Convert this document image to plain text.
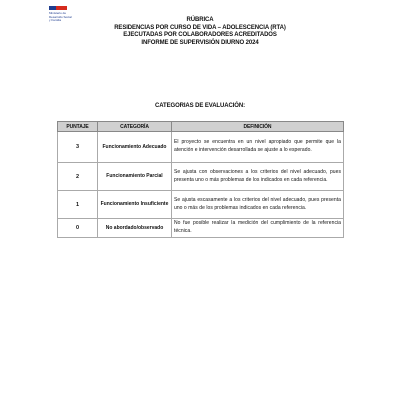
Ministerio de
Desarrollo Social
y Familia	RÚBRICA
RESIDENCIAS POR CURSO DE VIDA – ADOLESCENCIA (RTA)
EJECUTADAS POR COLABORADORES ACREDITADOS
INFORME DE SUPERVISIÓN DIURNO 2024
CATEGORIAS DE EVALUACIÓN:
PUNTAJE	CATEGORÍA	DEFINICIÓN
3	Funcionamiento Adecuado	El proyecto se encuentra en un nivel apropiado que permite que la atención e intervención desarrollada se ajuste a lo esperado.
2	Funcionamiento Parcial	Se ajusta con observaciones a los criterios del nivel adecuado, pues presenta uno o más problemas de los indicados en cada referencia.
1	Funcionamiento Insuficiente	Se ajusta escasamente a los criterios del nivel adecuado, pues presenta uno o más de los problemas indicados en cada referencia.
0	No abordado/observado	No fue posible realizar la medición del cumplimiento de la referencia técnica.
